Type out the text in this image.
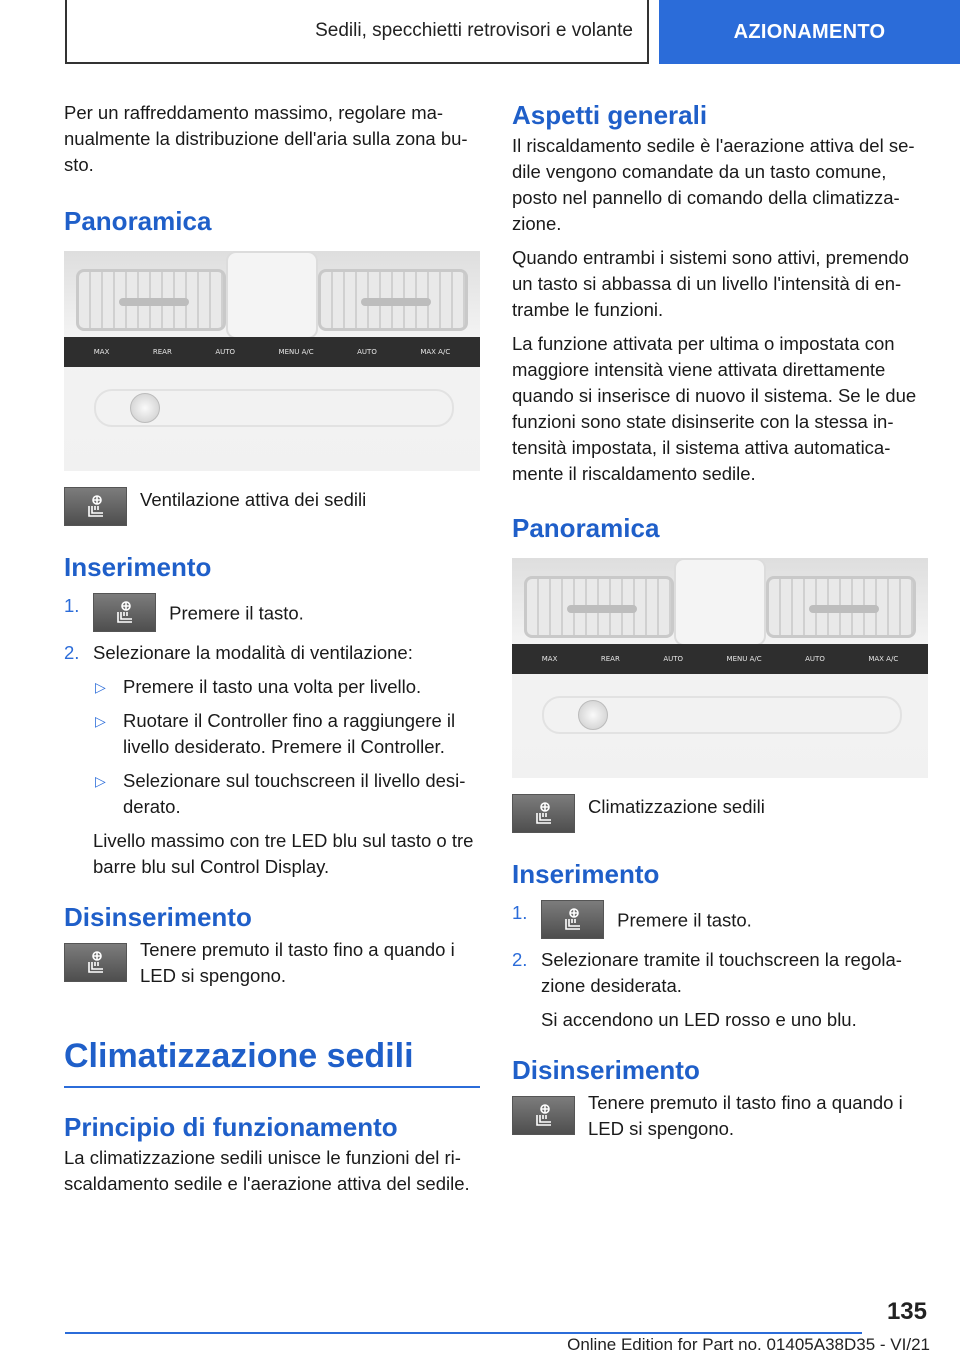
Sedili, specchietti retrovisori e volante	AZIONAMENTO

Per un raffreddamento massimo, regolare manualmente la distribuzione dell'aria sulla zona busto.

Panoramica
MAX	REAR	AUTO	MENU A/C	AUTO	MAX A/C
Ventilazione attiva dei sedili
Inserimento
1.	Premere il tasto.
2. Selezionare la modalità di ventilazione:
▷ Premere il tasto una volta per livello.
▷ Ruotare il Controller fino a raggiungere il livello desiderato. Premere il Controller.
▷ Selezionare sul touchscreen il livello desiderato.
Livello massimo con tre LED blu sul tasto o tre barre blu sul Control Display.
Disinserimento
Tenere premuto il tasto fino a quando i LED si spengono.
Climatizzazione sedili
Principio di funzionamento

La climatizzazione sedili unisce le funzioni del riscaldamento sedile e l'aerazione attiva del sedile.

Aspetti generali

Il riscaldamento sedile è l'aerazione attiva del sedile vengono comandate da un tasto comune, posto nel pannello di comando della climatizzazione.

Quando entrambi i sistemi sono attivi, premendo un tasto si abbassa di un livello l'intensità di entrambe le funzioni.

La funzione attivata per ultima o impostata con maggiore intensità viene attivata direttamente quando si inserisce di nuovo il sistema. Se le due funzioni sono state disinserite con la stessa intensità impostata, il sistema attiva automaticamente il riscaldamento sedile.

Panoramica
MAX	REAR	AUTO	MENU A/C	AUTO	MAX A/C
Climatizzazione sedili
Inserimento
1.	Premere il tasto.
2. Selezionare tramite il touchscreen la regolazione desiderata.
Si accendono un LED rosso e uno blu.
Disinserimento
Tenere premuto il tasto fino a quando i LED si spengono.
135
Online Edition for Part no. 01405A38D35 - VI/21
